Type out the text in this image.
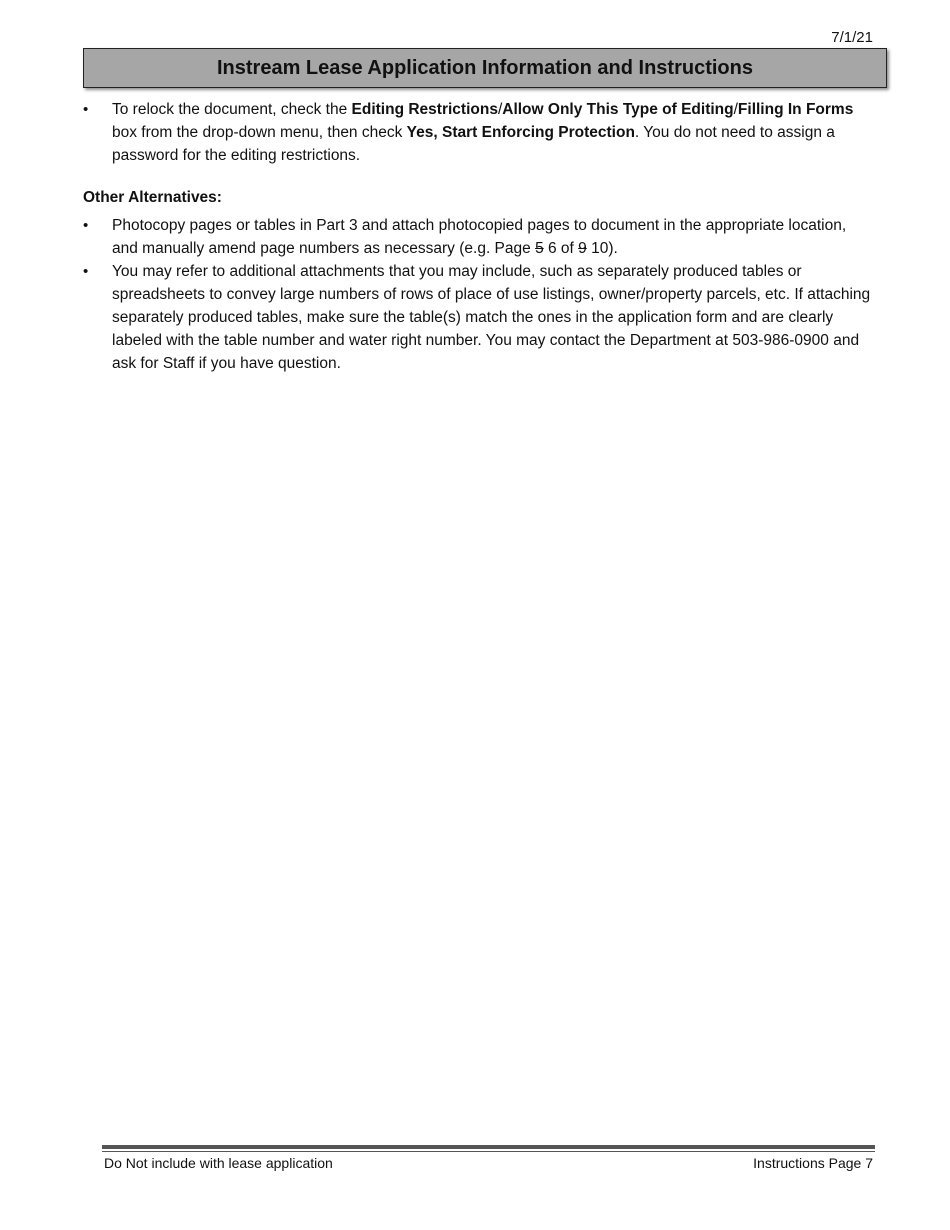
7/1/21
Instream Lease Application Information and Instructions
• To relock the document, check the Editing Restrictions/Allow Only This Type of Editing/Filling In Forms box from the drop-down menu, then check Yes, Start Enforcing Protection. You do not need to assign a password for the editing restrictions.
Other Alternatives:
• Photocopy pages or tables in Part 3 and attach photocopied pages to document in the appropriate location, and manually amend page numbers as necessary (e.g. Page 5 6 of 9 10).
• You may refer to additional attachments that you may include, such as separately produced tables or spreadsheets to convey large numbers of rows of place of use listings, owner/property parcels, etc. If attaching separately produced tables, make sure the table(s) match the ones in the application form and are clearly labeled with the table number and water right number. You may contact the Department at 503-986-0900 and ask for Staff if you have question.
Do Not include with lease application	Instructions Page 7
